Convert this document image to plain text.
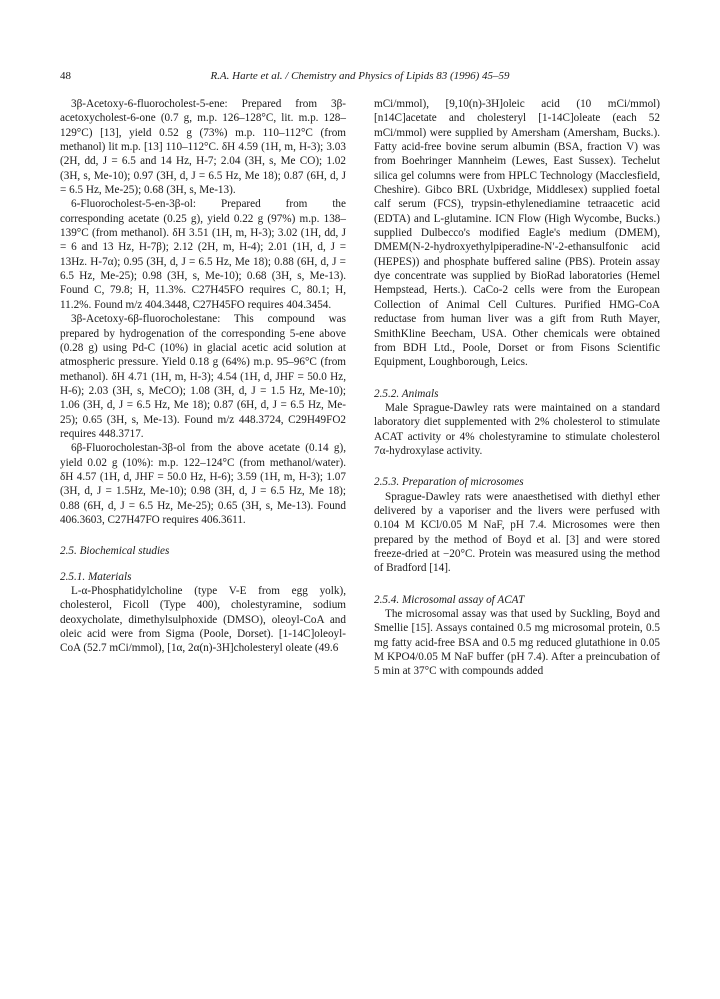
48	R.A. Harte et al. / Chemistry and Physics of Lipids 83 (1996) 45–59

3β-Acetoxy-6-fluorocholest-5-ene: Prepared from 3β-acetoxycholest-6-one (0.7 g, m.p. 126–128°C, lit. m.p. 128–129°C) [13], yield 0.52 g (73%) m.p. 110–112°C (from methanol) lit m.p. [13] 110–112°C. δH 4.59 (1H, m, H-3); 3.03 (2H, dd, J = 6.5 and 14 Hz, H-7; 2.04 (3H, s, Me CO); 1.02 (3H, s, Me-10); 0.97 (3H, d, J = 6.5 Hz, Me 18); 0.87 (6H, d, J = 6.5 Hz, Me-25); 0.68 (3H, s, Me-13).

6-Fluorocholest-5-en-3β-ol: Prepared from the corresponding acetate (0.25 g), yield 0.22 g (97%) m.p. 138–139°C (from methanol). δH 3.51 (1H, m, H-3); 3.02 (1H, dd, J = 6 and 13 Hz, H-7β); 2.12 (2H, m, H-4); 2.01 (1H, d, J = 13Hz. H-7α); 0.95 (3H, d, J = 6.5 Hz, Me 18); 0.88 (6H, d, J = 6.5 Hz, Me-25); 0.98 (3H, s, Me-10); 0.68 (3H, s, Me-13). Found C, 79.8; H, 11.3%. C27H45FO requires C, 80.1; H, 11.2%. Found m/z 404.3448, C27H45FO requires 404.3454.

3β-Acetoxy-6β-fluorocholestane: This compound was prepared by hydrogenation of the corresponding 5-ene above (0.28 g) using Pd-C (10%) in glacial acetic acid solution at atmospheric pressure. Yield 0.18 g (64%) m.p. 95–96°C (from methanol). δH 4.71 (1H, m, H-3); 4.54 (1H, d, JHF = 50.0 Hz, H-6); 2.03 (3H, s, MeCO); 1.08 (3H, d, J = 1.5 Hz, Me-10); 1.06 (3H, d, J = 6.5 Hz, Me 18); 0.87 (6H, d, J = 6.5 Hz, Me-25); 0.65 (3H, s, Me-13). Found m/z 448.3724, C29H49FO2 requires 448.3717.

6β-Fluorocholestan-3β-ol from the above acetate (0.14 g), yield 0.02 g (10%): m.p. 122–124°C (from methanol/water). δH 4.57 (1H, d, JHF = 50.0 Hz, H-6); 3.59 (1H, m, H-3); 1.07 (3H, d, J = 1.5Hz, Me-10); 0.98 (3H, d, J = 6.5 Hz, Me 18); 0.88 (6H, d, J = 6.5 Hz, Me-25); 0.65 (3H, s, Me-13). Found 406.3603, C27H47FO requires 406.3611.

2.5. Biochemical studies
2.5.1. Materials

L-α-Phosphatidylcholine (type V-E from egg yolk), cholesterol, Ficoll (Type 400), cholestyramine, sodium deoxycholate, dimethylsulphoxide (DMSO), oleoyl-CoA and oleic acid were from Sigma (Poole, Dorset). [1-14C]oleoyl-CoA (52.7 mCi/mmol), [1α, 2α(n)-3H]cholesteryl oleate (49.6

mCi/mmol), [9,10(n)-3H]oleic acid (10 mCi/mmol) [n14C]acetate and cholesteryl [1-14C]oleate (each 52 mCi/mmol) were supplied by Amersham (Amersham, Bucks.). Fatty acid-free bovine serum albumin (BSA, fraction V) was from Boehringer Mannheim (Lewes, East Sussex). Techelut silica gel columns were from HPLC Technology (Macclesfield, Cheshire). Gibco BRL (Uxbridge, Middlesex) supplied foetal calf serum (FCS), trypsin-ethylenediamine tetraacetic acid (EDTA) and L-glutamine. ICN Flow (High Wycombe, Bucks.) supplied Dulbecco's modified Eagle's medium (DMEM), DMEM(N-2-hydroxyethylpiperadine-N′-2-ethansulfonic acid (HEPES)) and phosphate buffered saline (PBS). Protein assay dye concentrate was supplied by BioRad laboratories (Hemel Hempstead, Herts.). CaCo-2 cells were from the European Collection of Animal Cell Cultures. Purified HMG-CoA reductase from human liver was a gift from Ruth Mayer, SmithKline Beecham, USA. Other chemicals were obtained from BDH Ltd., Poole, Dorset or from Fisons Scientific Equipment, Loughborough, Leics.

2.5.2. Animals

Male Sprague-Dawley rats were maintained on a standard laboratory diet supplemented with 2% cholesterol to stimulate ACAT activity or 4% cholestyramine to stimulate cholesterol 7α-hydroxylase activity.

2.5.3. Preparation of microsomes

Sprague-Dawley rats were anaesthetised with diethyl ether delivered by a vaporiser and the livers were perfused with 0.104 M KCl/0.05 M NaF, pH 7.4. Microsomes were then prepared by the method of Boyd et al. [3] and were stored freeze-dried at −20°C. Protein was measured using the method of Bradford [14].

2.5.4. Microsomal assay of ACAT

The microsomal assay was that used by Suckling, Boyd and Smellie [15]. Assays contained 0.5 mg microsomal protein, 0.5 mg fatty acid-free BSA and 0.5 mg reduced glutathione in 0.05 M KPO4/0.05 M NaF buffer (pH 7.4). After a preincubation of 5 min at 37°C with compounds added
